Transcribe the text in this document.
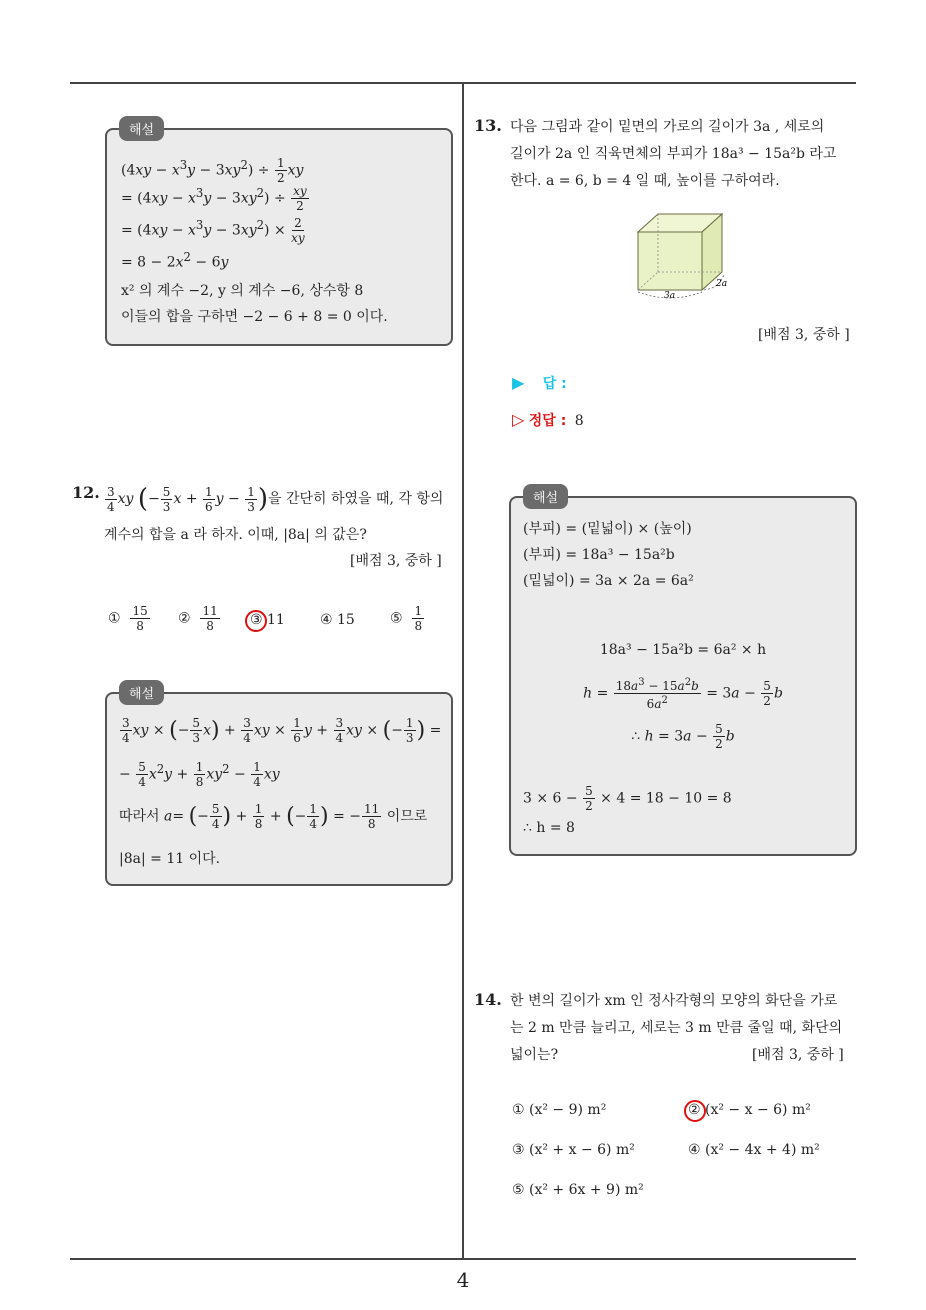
해설
$(4xy - x^3y - 3xy^2) \div \frac{1}{2}$ xy
= $(4xy - x^3y - 3xy^2) \div \frac{xy}{2}$
= $(4xy - x^3y - 3xy^2) \times \frac{2}{xy}$
= $8 - 2x^2 - 6y$
x² 의 계수 −2, y 의 계수 −6, 상수항 8
이들의 합을 구하면 −2 − 6 + 8 = 0 이다.
12. $\frac{3}{4}$ xy (− $\frac{5}{3}$ $x + \frac{1}{6}$ $y - \frac{1}{3}$ )을 간단히 하였을 때, 각 항의
계수의 합을 a 라 하자. 이때, |8a| 의 값은?
[배점 3, 중하 ]
① $\frac{15}{8}$ ② $\frac{11}{8}$ ③ 11	④ 15	⑤ $\frac{1}{8}$
해설
$\frac{3}{4}$ xy × (− $\frac{5}{3} x) + \frac{3}{4}$ xy × $\frac{1}{6}$ $y + \frac{3}{4}$ xy × (− $\frac{1}{3}$ ) =
− $\frac{5}{4} x^2y + \frac{1}{8} xy^2 - \frac{1}{4}$ xy
따라서 a= (− $\frac{5}{4}$ ) + $\frac{1}{8}$ + (− $\frac{1}{4}$ ) = − $\frac{11}{8}$ 이므로
|8a| = 11 이다.
13. 다음 그림과 같이 밑면의 가로의 길이가 3a , 세로의
길이가 2a 인 직육면체의 부피가 18a³ − 15a²b 라고
한다. a = 6, b = 4 일 때, 높이를 구하여라.
3a
2a
[배점 3, 중하 ]
▶ 답 :
▷ 정답 : 8
해설
(부피) = (밑넓이) × (높이)
(부피) = 18a³ − 15a²b
(밑넓이) = 3a × 2a = 6a²
18a³ − 15a²b = 6a² × h
$h = \frac{18a^3 - 15a^2b}{6a^2} = 3a - \frac{5}{2}$ b
∴ $h = 3a - \frac{5}{2}$ b
$3 \times 6 - \frac{5}{2} \times 4 = 18 - 10 = 8$
∴ h = 8
14. 한 변의 길이가 xm 인 정사각형의 모양의 화단을 가로
는 2 m 만큼 늘리고, 세로는 3 m 만큼 줄일 때, 화단의
넓이는?	[배점 3, 중하 ]
① (x² − 9) m²	② (x² − x − 6) m²
③ (x² + x − 6) m²	④ (x² − 4x + 4) m²
⑤ (x² + 6x + 9) m²
4
